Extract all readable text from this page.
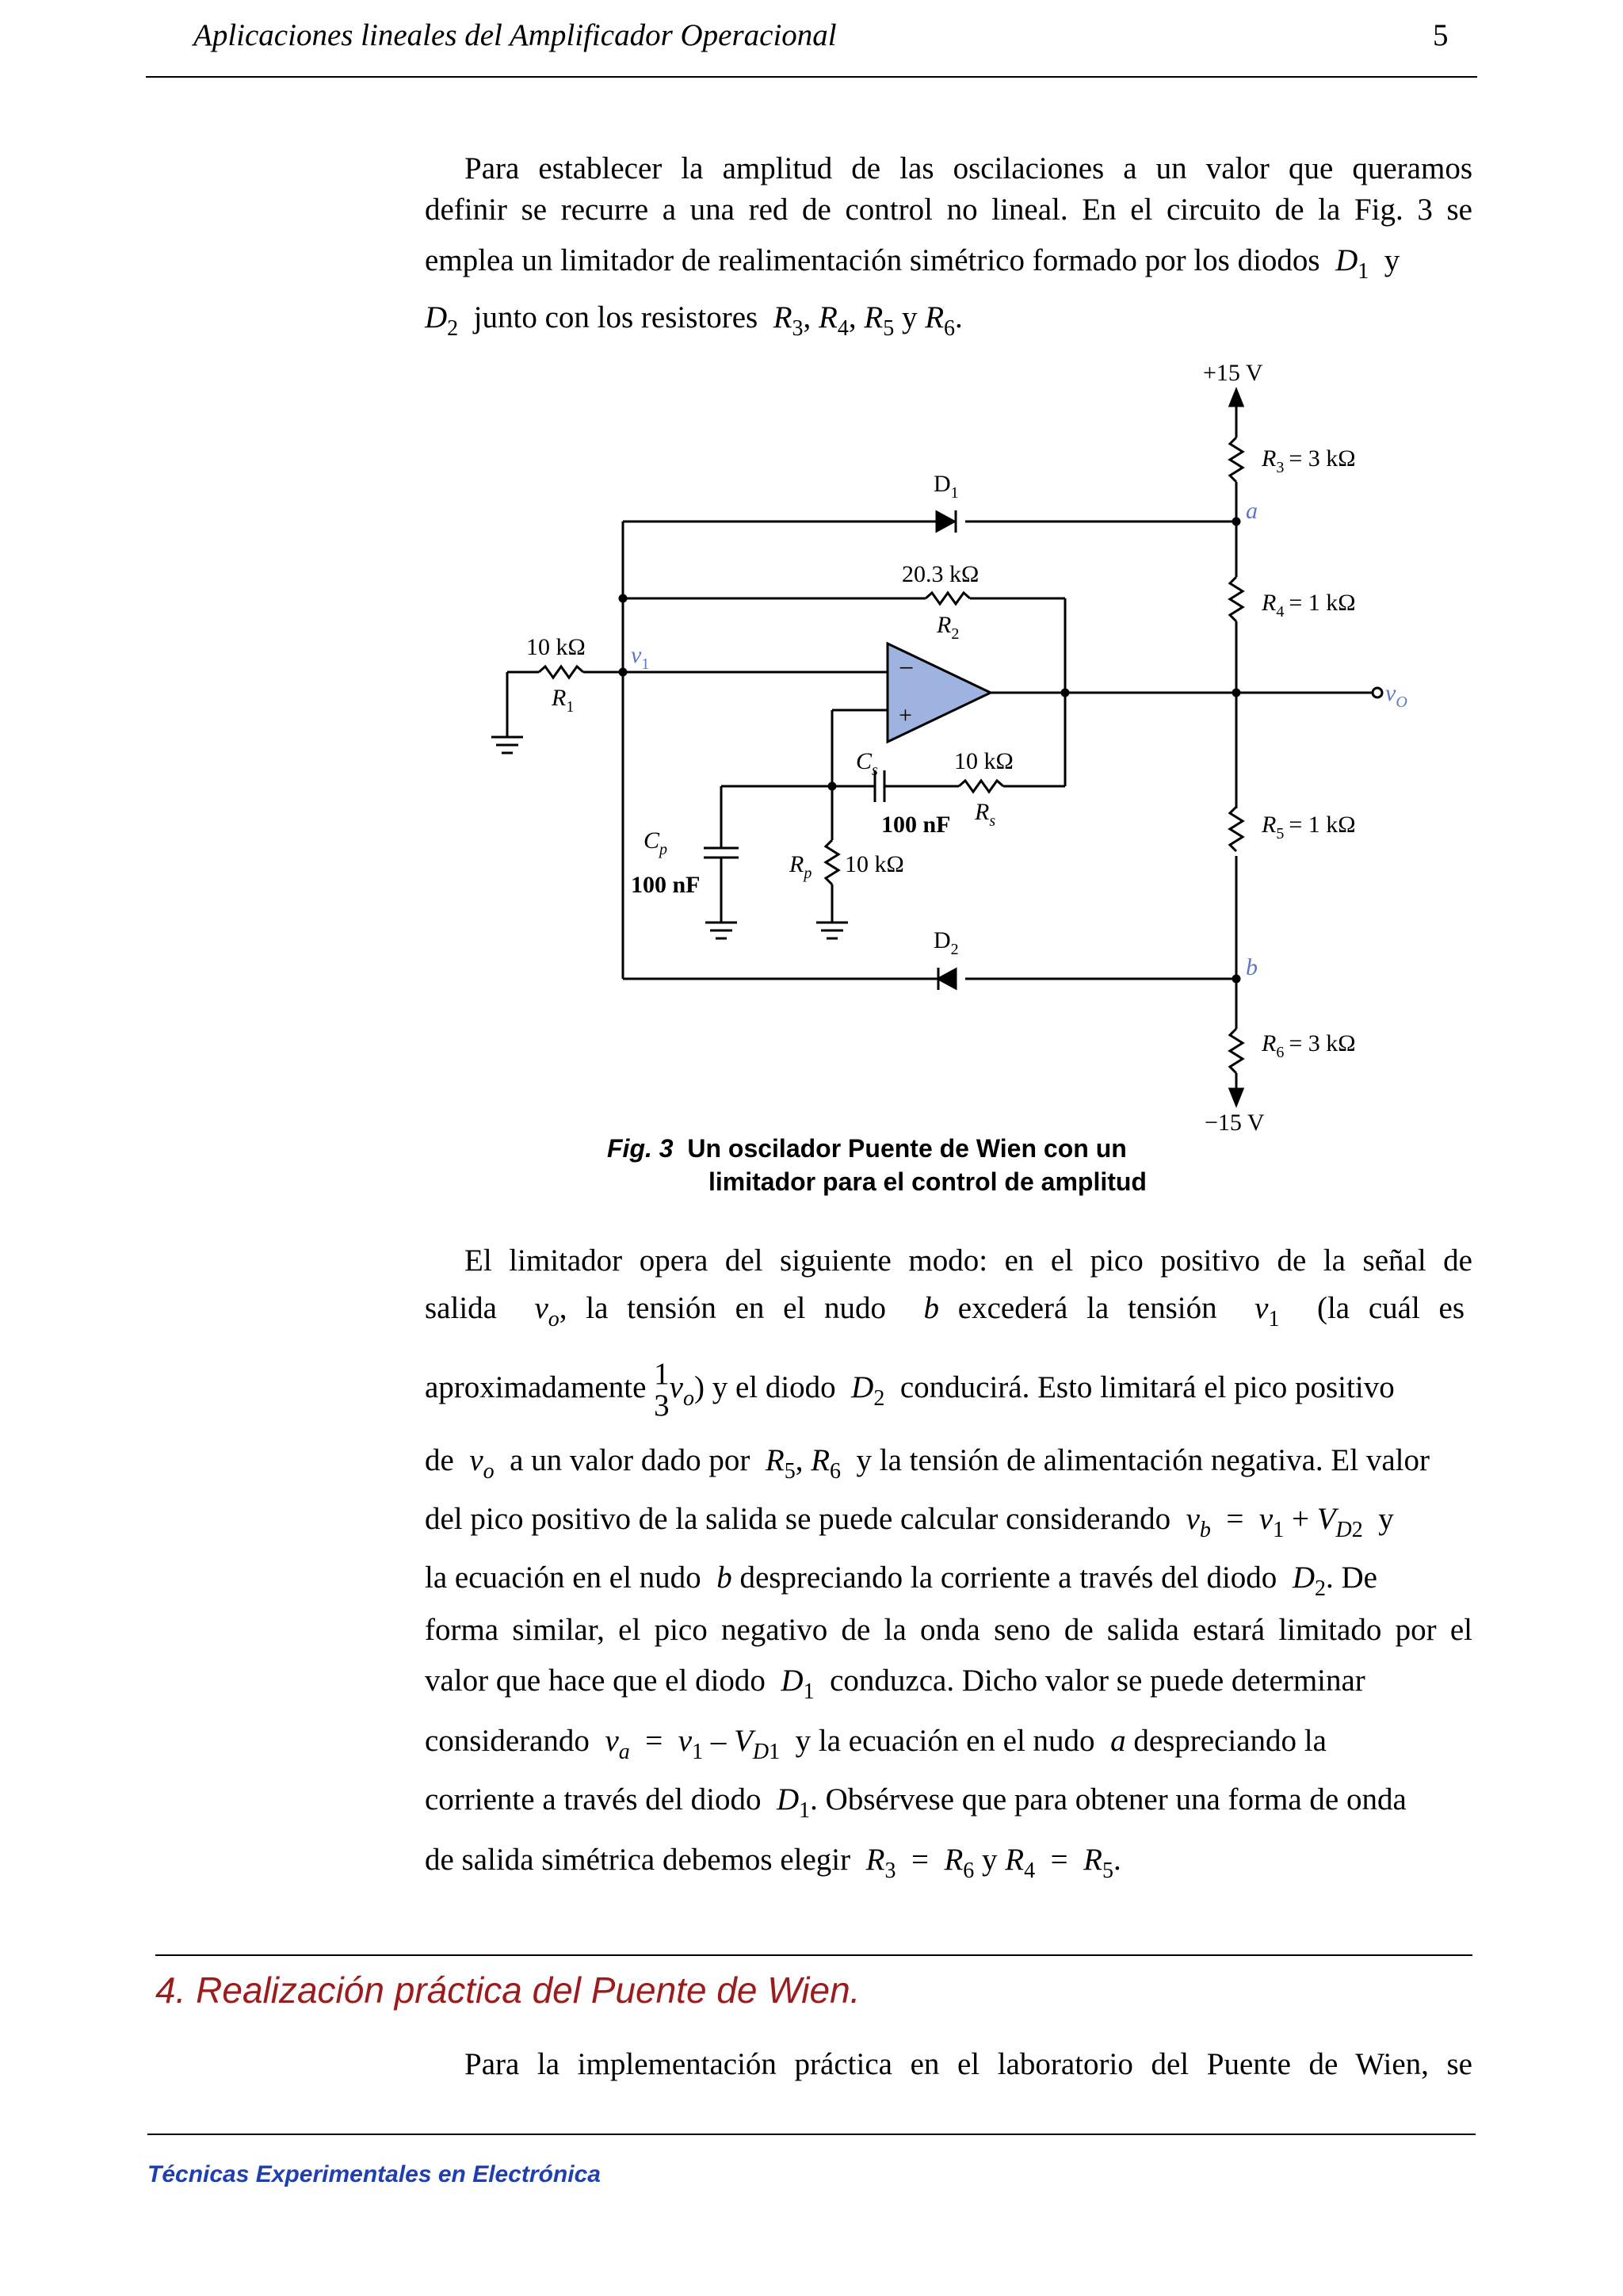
Aplicaciones lineales del Amplificador Operacional	5
Para establecer la amplitud de las oscilaciones a un valor que queramos
definir se recurre a una red de control no lineal. En el circuito de la Fig. 3 se
emplea un limitador de realimentación simétrico formado por los diodos  $D_1$  y
$D_2$ junto con los resistores  $R_3$, $R_4$, $R_5$ y $R_6$.
+15 V
$R_3 = 3$ kΩ
a
$D_1$
20.3 kΩ
$R_2$
$R_4 = 1$ kΩ
10 kΩ
$R_1$
$v_1$
$v_O$
−
+
$C_s$
100 nF
10 kΩ
$R_s$
$C_p$
100 nF
$R_p$ 10 kΩ
$R_5 = 1$ kΩ
$D_2$
b
$R_6 = 3$ kΩ
−15 V
Fig. 3 Un oscilador Puente de Wien con un
limitador para el control de amplitud
El limitador opera del siguiente modo: en el pico positivo de la señal de
salida $v_o$, la tensión en el nudo  b excederá la tensión  $v_1$ (la cuál es
aproximadamente 1
3
$v_o$) y el diodo  $D_2$ conducirá. Esto limitará el pico positivo
de  $v_o$ a un valor dado por  $R_5$, $R_6$ y la tensión de alimentación negativa. El valor
del pico positivo de la salida se puede calcular considerando  $v_b = v_1 + V_{D2}$ y
la ecuación en el nudo  b despreciando la corriente a través del diodo  $D_2$. De
forma similar, el pico negativo de la onda seno de salida estará limitado por el
valor que hace que el diodo  $D_1$ conduzca. Dicho valor se puede determinar
considerando  $v_a = v_1 - V_{D1}$ y la ecuación en el nudo  a despreciando la
corriente a través del diodo  $D_1$. Obsérvese que para obtener una forma de onda
de salida simétrica debemos elegir  $R_3 = R_6$ y $R_4 = R_5$.
4. Realización práctica del Puente de Wien.
Para la implementación práctica en el laboratorio del Puente de Wien, se
Técnicas Experimentales en Electrónica
